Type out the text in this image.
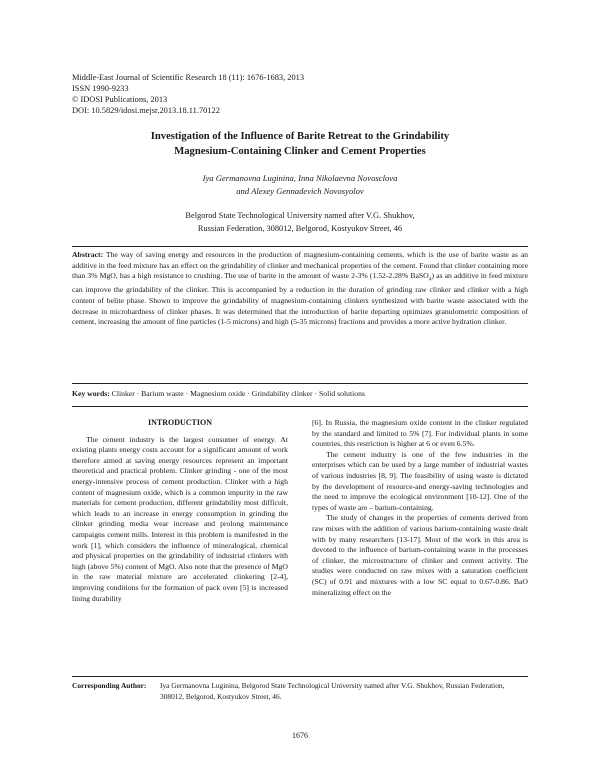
Middle-East Journal of Scientific Research 18 (11): 1676-1683, 2013
ISSN 1990-9233
© IDOSI Publications, 2013
DOI: 10.5829/idosi.mejsr.2013.18.11.70122
Investigation of the Influence of Barite Retreat to the Grindability
Magnesium-Containing Clinker and Cement Properties
Iya Germanovna Luginina, Inna Nikolaevna Novosclova
and Alexey Gennadevich Novosyolov
Belgorod State Technological University named after V.G. Shukhov,
Russian Federation, 308012, Belgorod, Kostyukov Street, 46
Abstract: The way of saving energy and resources in the production of magnesium-containing cements, which is the use of barite waste as an additive in the feed mixture has an effect on the grindability of clinker and mechanical properties of the cement. Found that clinker containing more than 3% MgO, has a high resistance to crushing. The use of barite in the amount of waste 2-3% (1.52-2.28% BaSO$_4$) as an additive in feed mixture can improve the grindability of the clinker. This is accompanied by a reduction in the duration of grinding raw clinker and clinker with a high content of belite phase. Shown to improve the grindability of magnesium-containing clinkers synthesized with barite waste associated with the decrease in microhardness of clinker phases. It was determined that the introduction of barite departing optimizes granulometric composition of cement, increasing the amount of fine particles (1-5 microns) and high (5-35 microns) fractions and provides a more active hydration clinker.
Key words: Clinker · Barium waste · Magnesium oxide · Grindability clinker · Solid solutions
INTRODUCTION

The cement industry is the largest consumer of energy. At existing plants energy costs account for a significant amount of work therefore aimed at saving energy resources represent an important theoretical and practical problem. Clinker grinding - one of the most energy-intensive process of cement production. Clinker with a high content of magnesium oxide, which is a common impurity in the raw materials for cement production, different grindability most difficult, which leads to an increase in energy consumption in grinding the clinker grinding media wear increase and prolong maintenance campaigns cement mills. Interest in this problem is manifested in the work [1], which considers the influence of mineralogical, chemical and physical properties on the grindability of industrial clinkers with high (above 5%) content of MgO. Also note that the presence of MgO in the raw material mixture are accelerated clinkering [2-4], improving conditions for the formation of pack oven [5] is increased lining durability

[6]. In Russia, the magnesium oxide content in the clinker regulated by the standard and limited to 5% [7]. For individual plants in some countries, this restriction is higher at 6 or even 6.5%.

The cement industry is one of the few industries in the enterprises which can be used by a large number of industrial wastes of various industries [8, 9]. The feasibility of using waste is dictated by the development of resource-and energy-saving technologies and the need to improve the ecological environment [10-12]. One of the types of waste are – barium-containing.

The study of changes in the properties of cements derived from raw mixes with the addition of various barium-containing waste dealt with by many researchers [13-17]. Most of the work in this area is devoted to the influence of barium-containing waste in the processes of clinker, the microstructure of clinker and cement activity. The studies were conducted on raw mixes with a saturation coefficient (SC) of 0.91 and mixtures with a low SC equal to 0.67-0.86. BaO mineralizing effect on the

Corresponding Author: Iya Germanovna Luginina, Belgorod State Technological University named after V.G. Shukhov, Russian Federation, 308012, Belgorod, Kostyukov Street, 46.
1676
